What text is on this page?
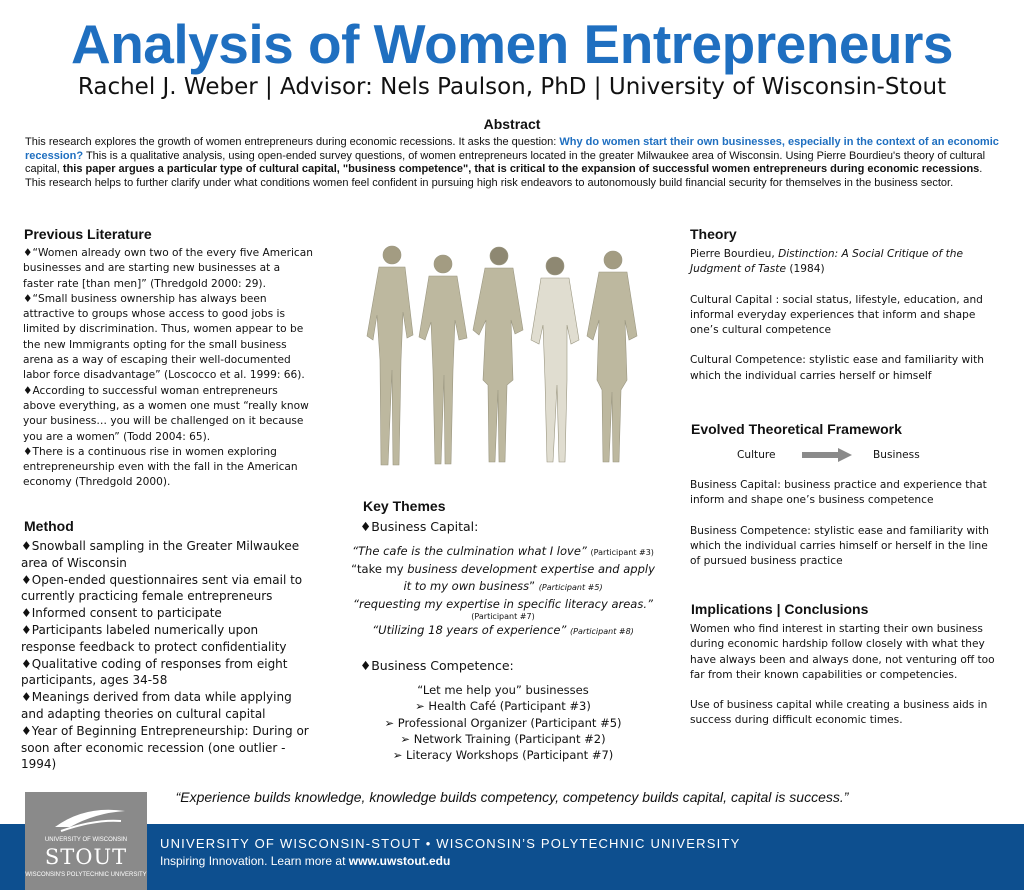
Analysis of Women Entrepreneurs
Rachel J. Weber | Advisor: Nels Paulson, PhD | University of Wisconsin-Stout
Abstract
This research explores the growth of women entrepreneurs during economic recessions. It asks the question: Why do women start their own businesses, especially in the context of an economic recession? This is a qualitative analysis, using open-ended survey questions, of women entrepreneurs located in the greater Milwaukee area of Wisconsin. Using Pierre Bourdieu's theory of cultural capital, this paper argues a particular type of cultural capital, "business competence", that is critical to the expansion of successful women entrepreneurs during economic recessions. This research helps to further clarify under what conditions women feel confident in pursuing high risk endeavors to autonomously build financial security for themselves in the business sector.
Previous Literature

♦“Women already own two of the every five American businesses and are starting new businesses at a faster rate [than men]” (Thredgold 2000: 29).

♦“Small business ownership has always been attractive to groups whose access to good jobs is limited by discrimination. Thus, women appear to be the new Immigrants opting for the small business arena as a way of escaping their well-documented labor force disadvantage” (Loscocco et al. 1999: 66).

♦According to successful woman entrepreneurs above everything, as a women one must “really know your business… you will be challenged on it because you are a women” (Todd 2004: 65).

♦There is a continuous rise in women exploring entrepreneurship even with the fall in the American economy (Thredgold 2000).

Method

♦Snowball sampling in the Greater Milwaukee area of Wisconsin

♦Open-ended questionnaires sent via email to currently practicing female entrepreneurs

♦Informed consent to participate

♦Participants labeled numerically upon response feedback to protect confidentiality

♦Qualitative coding of responses from eight participants, ages 34-58

♦Meanings derived from data while applying and adapting theories on cultural capital

♦Year of Beginning Entrepreneurship: During or soon after economic recession (one outlier - 1994)

Key Themes
♦Business Capital:

“The cafe is the culmination what I love” (Participant #3)

“take my business development expertise and apply it to my own business” (Participant #5)

“requesting my expertise in specific literacy areas.”

(Participant #7)

“Utilizing 18 years of experience” (Participant #8)

♦Business Competence:

“Let me help you” businesses

➢ Health Café (Participant #3)

➢ Professional Organizer (Participant #5)

➢ Network Training (Participant #2)

➢ Literacy Workshops (Participant #7)

Theory

Pierre Bourdieu, Distinction: A Social Critique of the Judgment of Taste (1984)

Cultural Capital : social status, lifestyle, education, and informal everyday experiences that inform and shape one’s cultural competence

Cultural Competence: stylistic ease and familiarity with which the individual carries herself or himself

Evolved Theoretical Framework
Culture	Business

Business Capital: business practice and experience that inform and shape one’s business competence

Business Competence: stylistic ease and familiarity with which the individual carries himself or herself in the line of pursued business practice

Implications | Conclusions

Women who find interest in starting their own business during economic hardship follow closely with what they have always been and always done, not venturing off too far from their known capabilities or competencies.

Use of business capital while creating a business aids in success during difficult economic times.

“Experience builds knowledge, knowledge builds competency, competency builds capital, capital is success.”
UNIVERSITY OF WISCONSIN-STOUT • WISCONSIN’S POLYTECHNIC UNIVERSITY
Inspiring Innovation. Learn more at www.uwstout.edu
UNIVERSITY OF WISCONSIN
STOUT
WISCONSIN'S POLYTECHNIC UNIVERSITY
